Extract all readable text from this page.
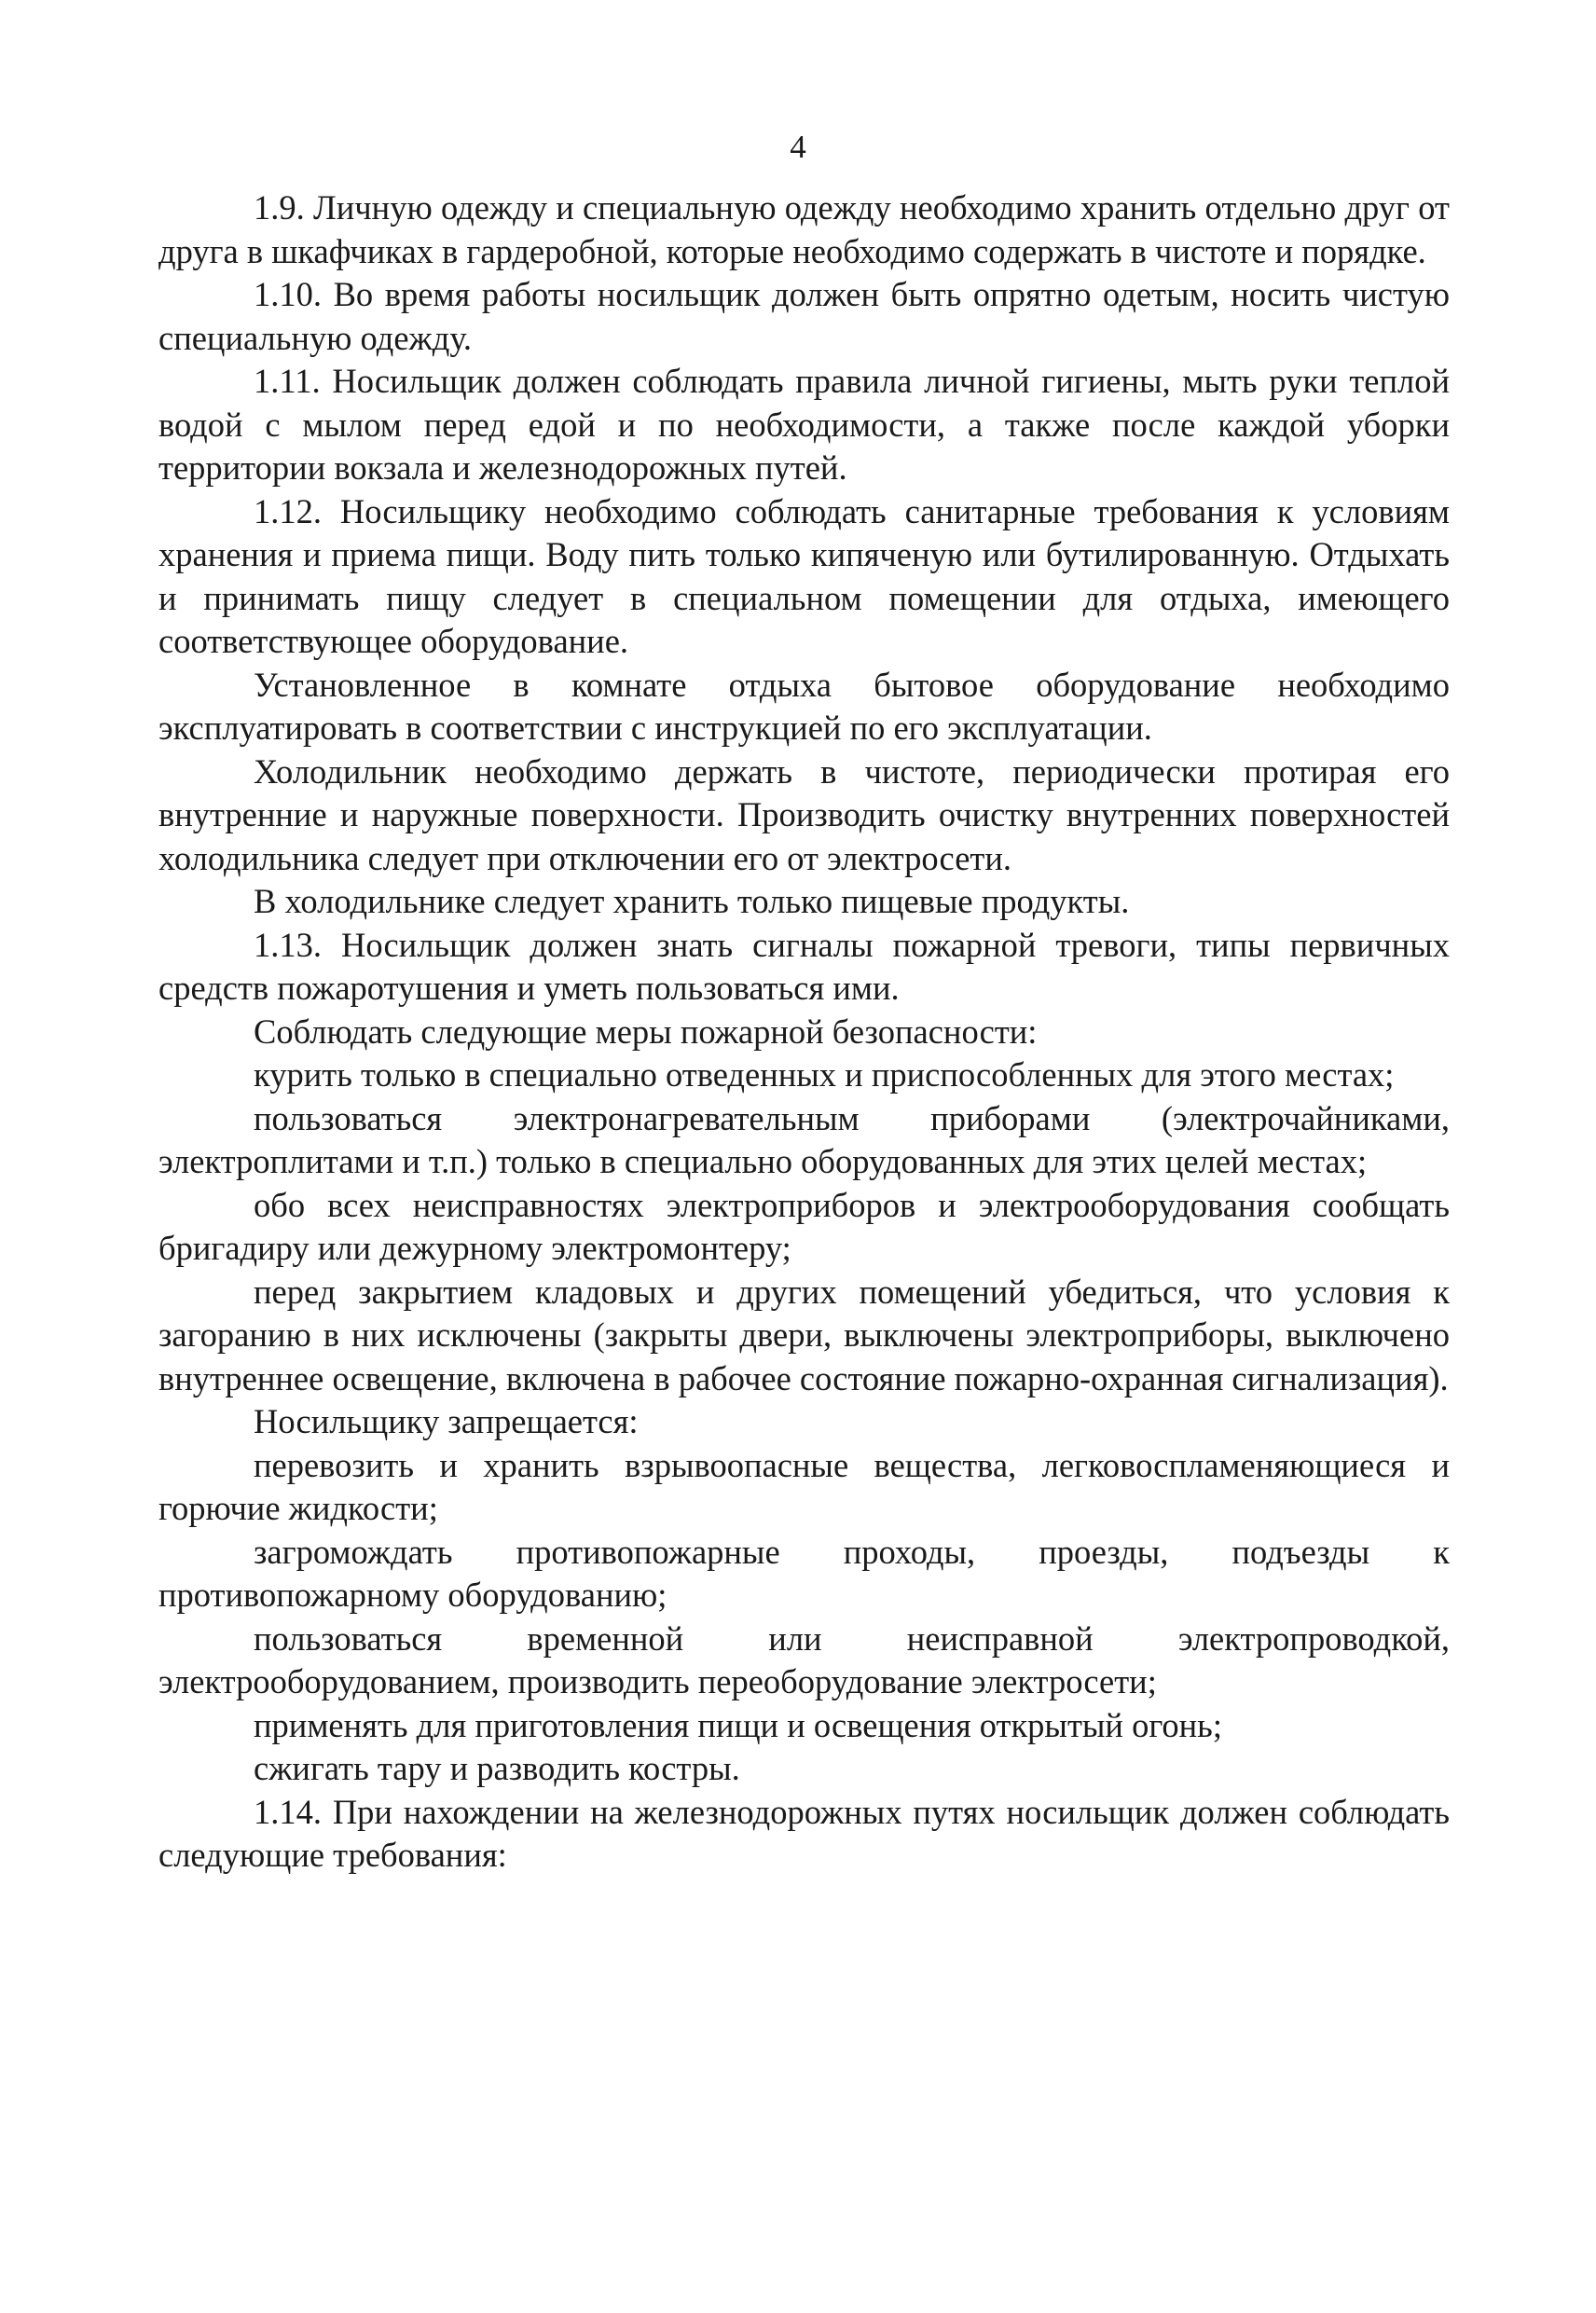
4

1.9. Личную одежду и специальную одежду необходимо хранить отдельно друг от друга в шкафчиках в гардеробной, которые необходимо содержать в чистоте и порядке.

1.10. Во время работы носильщик должен быть опрятно одетым, носить чистую специальную одежду.

1.11. Носильщик должен соблюдать правила личной гигиены, мыть руки теплой водой с мылом перед едой и по необходимости, а также после каждой уборки территории вокзала и железнодорожных путей.

1.12. Носильщику необходимо соблюдать санитарные требования к условиям хранения и приема пищи. Воду пить только кипяченую или бутилированную. Отдыхать и принимать пищу следует в специальном помещении для отдыха, имеющего соответствующее оборудование.

Установленное в комнате отдыха бытовое оборудование необходимо эксплуатировать в соответствии с инструкцией по его эксплуатации.

Холодильник необходимо держать в чистоте, периодически протирая его внутренние и наружные поверхности. Производить очистку внутренних поверхностей холодильника следует при отключении его от электросети.

В холодильнике следует хранить только пищевые продукты.

1.13. Носильщик должен знать сигналы пожарной тревоги, типы первичных средств пожаротушения и уметь пользоваться ими.

Соблюдать следующие меры пожарной безопасности:

курить только в специально отведенных и приспособленных для этого местах;

пользоваться электронагревательным приборами (электрочайниками, электроплитами и т.п.) только в специально оборудованных для этих целей местах;

обо всех неисправностях электроприборов и электрооборудования сообщать бригадиру или дежурному электромонтеру;

перед закрытием кладовых и других помещений убедиться, что условия к загоранию в них исключены (закрыты двери, выключены электроприборы, выключено внутреннее освещение, включена в рабочее состояние пожарно-охранная сигнализация).

Носильщику запрещается:

перевозить и хранить взрывоопасные вещества, легковоспламеняющиеся и горючие жидкости;

загромождать противопожарные проходы, проезды, подъезды к противопожарному оборудованию;

пользоваться временной или неисправной электропроводкой, электрооборудованием, производить переоборудование электросети;

применять для приготовления пищи и освещения открытый огонь;

сжигать тару и разводить костры.

1.14. При нахождении на железнодорожных путях носильщик должен соблюдать следующие требования:
